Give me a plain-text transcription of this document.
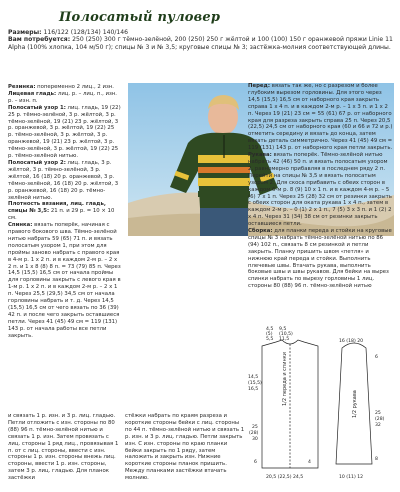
Полосатый пуловер
Размеры: 116/122 (128/134) 140/146
Вам потребуется: 250 (250) 300 г тёмно-зелёной, 200 (250) 250 г жёлтой и 100 (100) 150 г оранжевой пряжи Linie 11 Alpha (100% хлопка, 104 м/50 г); спицы № 3 и № 3,5; круговые спицы № 3; застёжка-молния соответствующей длины.

Резинка: попеременно 2 лиц., 2 изн.

Лицевая гладь: лиц. р. – лиц. п., изн. р. – изн. п.

Полосатый узор 1: лиц. гладь, 19 (22) 25 р. тёмно-зелёной, 3 р. жёлтой, 3 р. тёмно-зелёной, 19 (21) 23 р. жёлтой, 3 р. оранжевой, 3 р. жёлтой, 19 (22) 25 р. тёмно-зелёной, 3 р. жёлтой, 3 р. оранжевой, 19 (21) 23 р. жёлтой, 3 р. тёмно-зелёной, 3 р. жёлтой, 19 (22) 25 р. тёмно-зелёной нитью.

Полосатый узор 2: лиц. гладь, 3 р. жёлтой, 3 р. тёмно-зелёной, 3 р. жёлтой, 16 (18) 20 р. оранжевой, 3 р. тёмно-зелёной, 16 (18) 20 р. жёлтой, 3 р. оранжевой, 16 (18) 20 р. тёмно-зелёной нитью.

Плотность вязания, лиц. гладь, спицы № 3,5: 21 п. и 29 р. = 10 × 10 см.

Спинка: вязать поперёк, начиная с правого бокового шва. Тёмно-зелёной нитью набрать 59 (65) 71 п. и вязать полосатым узором 1, при этом для проймы заново набрать с правого края в 4-м р. 1 х 2 п. и в каждом 2-м р. – 2 х 2 п. и 1 х 8 (8) 8 п. = 73 (79) 85 п. Через 14,5 (15,5) 16,5 см от начала проймы для горловины закрыть с левого края в 1-м р. 1 х 2 п. и в каждом 2-м р. – 2 х 1 п. Через 25,5 (29,5) 34,5 см от начала горловины набрать и т. д. Через 14,5 (15,5) 16,5 см от чего вязать по 36 (39) 42 п. и после чего закрыть оставшиеся петли. Через 41 (45) 49 см = 119 (131) 143 р. от начала работы все петли закрыть.

Перед: вязать так же, но с разрезом и более глубоким вырезом горловины. Для этого через 14,5 (15,5) 16,5 см от наборного края закрыть справа 1 х 4 п. и в каждом 2-м р. – 1 х 3 п. и 1 х 2 п. Через 19 (21) 23 см = 55 (61) 67 р. от наборного края для разреза закрыть справа 25 п. Через 20,5 (22,5) 24,5 см от наборного края (60 и 66 и 72 и р.) отметить середину и вязать до конца, затем вязать деталь симметрично. Через 41 (45) 49 см = 119 (131) 143 р. от наборного края петли закрыть.

Рукава: вязать поперёк. Тёмно-зелёной нитью набрать 42 (46) 50 п. и вязать полосатым узором 2, равномерно прибавляя в последнем ряду 2 п. Перейти на спицы № 3,5 и вязать полосатым узором 2. Для скоса прибавить с обеих сторон в каждом 6-м р. 8 (9) 10 х 1 п. и в каждом 4-м р. – 5 (6) 7 х 1 п. Через 25 (28) 32 см от резинки закрыть с обеих сторон для оката рукава 1 х 4 п., затем в каждом 2-м р. – 0 (1) 2 х 1 п., 7 (5) 3 х 3 п. и 1 (2) 2 х 4 п. Через 31 (34) 38 см от резинки закрыть оставшиеся петли.

Сборка: для планки переда и стойки на круговые спицы № 3 набрать тёмно-зелёной нитью по 86 (94) 102 п., связать 8 см резинкой и петли закрыть. Планку пришить швом «петля» и нижнюю край переда и стойки. Выполнить плечевые швы. Втачать рукава, выполнить боковые швы и швы рукавов. Для бейки на вырез спинки набрать по вырезу горловины 1 лиц. стороны 80 (88) 96 п. тёмно-зелёной нитью

и связать 1 р. изн. и 3 р. лиц. гладью. Петли отложить с изн. стороны по 80 (88) 96 п. тёмно-зелёной нитью и связать 1 р. изн. Затем провязать с лиц. стороны 1 ряд лиц., провязывая 1 п. от с лиц. стороны, ввести с изн. стороны 1 р. изн. стороны внежь лиц. стороны, ввести 1 р. изн. стороны, затем 3 р. лиц. гладью. Для планок застёжки
стёжки набрать по краям разреза и короткие стороны бейки с лиц. стороны по 44 п. тёмно-зелёной нитью и связать 1 р. изн. и 3 р. лиц. гладью. Петли закрыть изн. С изн. стороны по краю планки бейки закрыть по 1 ряду, затем наложить и закрыть изн. Нижние короткие стороны планок пришить. Между планками застёжки втачать молнию.
1/2 переда и спинки
4,5 9,5
(5) (10,5)
5,5 11,5
14,5
(15,5)
16,5
25
(28)
30
6	4
20,5 (22,5) 24,5
1/2 рукава
16 (18) 20
6
25
(28)
32
8
10 (11) 12
